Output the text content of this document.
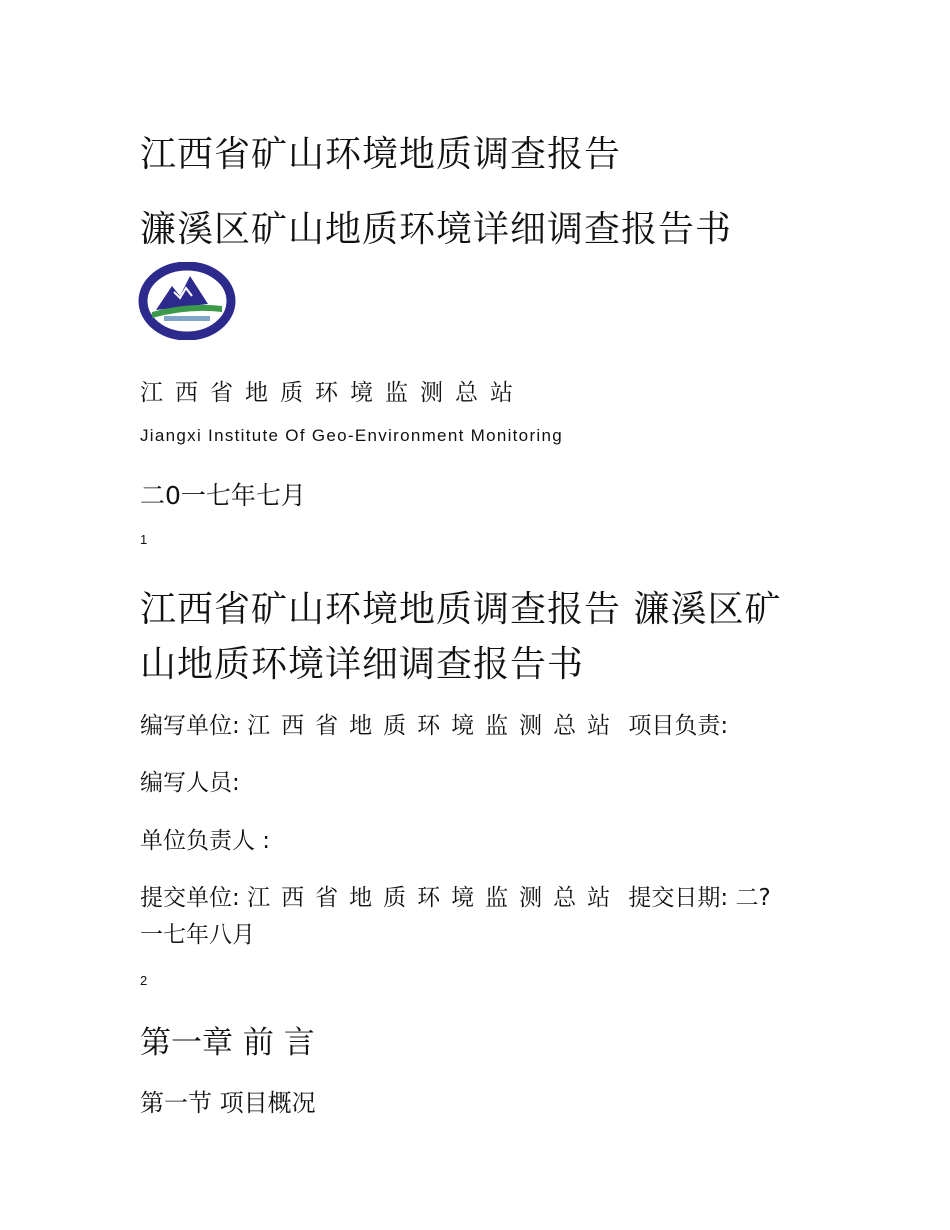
江西省矿山环境地质调查报告
濂溪区矿山地质环境详细调查报告书
江西省地质环境监测总站
Jiangxi Institute Of Geo-Environment Monitoring
二0一七年七月
1
江西省矿山环境地质调查报告 濂溪区矿
山地质环境详细调查报告书
编写单位: 江西省地质环境监测总站 项目负责:
编写人员:
单位负责人 :
提交单位: 江西省地质环境监测总站 提交日期: 二?
一七年八月
2
第一章 前 言
第一节 项目概况
